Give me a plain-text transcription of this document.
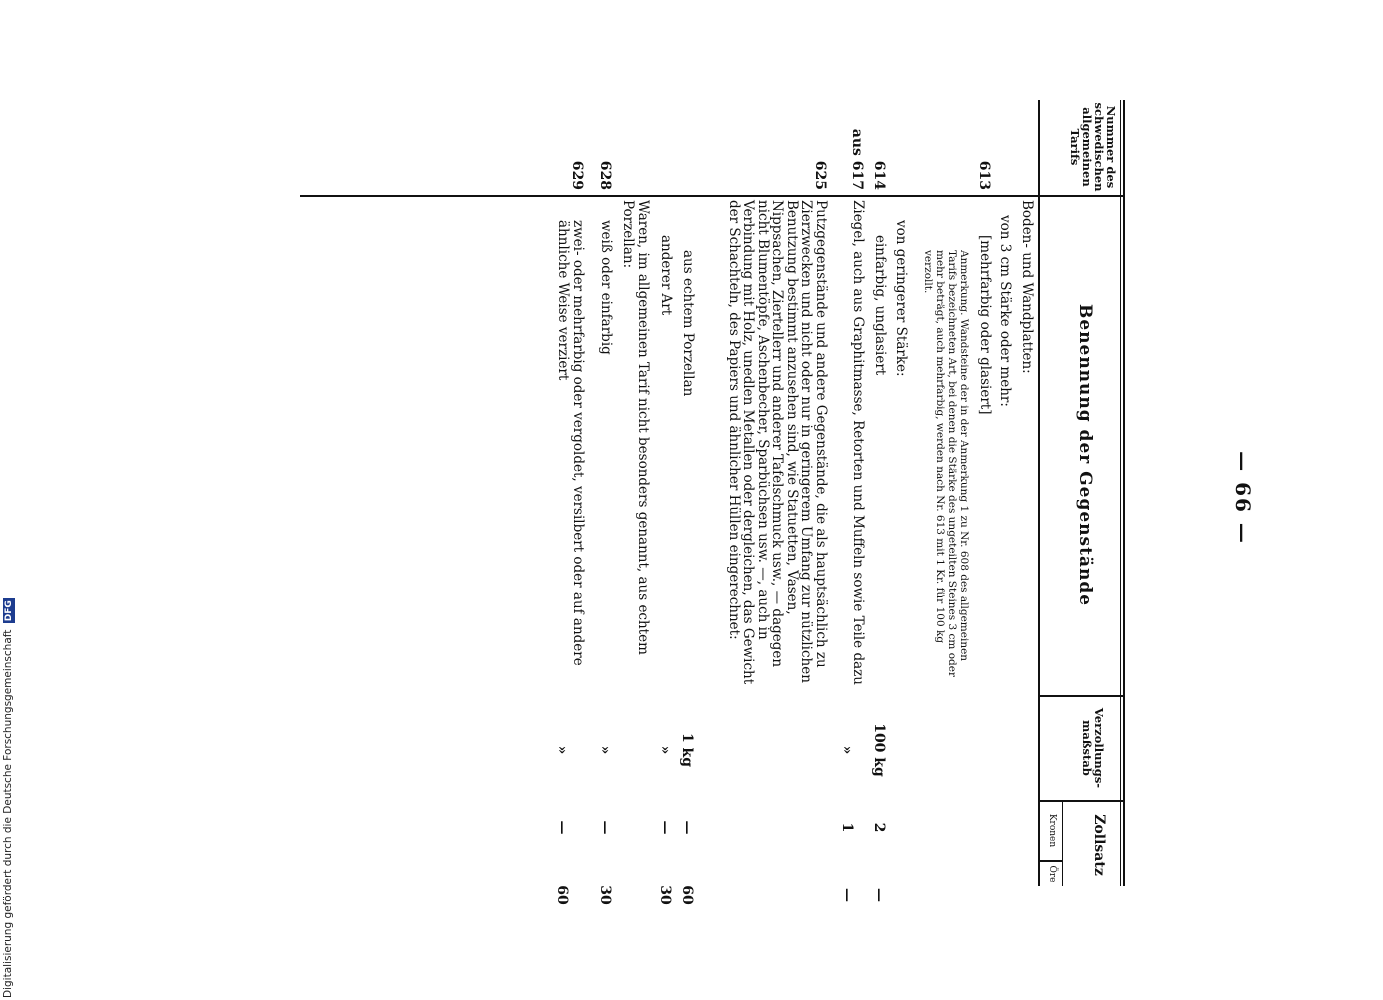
— 66 —
Nummer des schwedischen allgemeinen Tarifs
Benennung der Gegenstände
Verzollungs-maßstab
Zollsatz
Kronen
Öre
Boden- und Wandplatten:
von 3 cm Stärke oder mehr:
613
[mehrfarbig oder glasiert]
Anmerkung. Wandsteine der in der Anmerkung 1 zu Nr. 608 des allgemeinen Tarifs bezeichneten Art, bei denen die Stärke des ungeteilten Steines 3 cm oder mehr beträgt, auch mehrfarbig, werden nach Nr. 613 mit 1 Kr. für 100 kg verzollt.
von geringerer Stärke:
614
einfarbig, unglasiert
100 kg
2
—
aus 617
Ziegel, auch aus Graphitmasse, Retorten und Muffeln sowie Teile dazu
»
1
—
625
Putzgegenstände und andere Gegenstände, die als hauptsächlich zu Zierzwecken und nicht oder nur in geringerem Umfang zur nützlichen Benutzung bestimmt anzusehen sind, wie Statuetten, Vasen, Nippsachen, Ziertellerr und anderer Tafelschmuck usw., — dagegen nicht Blumentöpfe, Aschenbecher, Sparbüchsen usw. —, auch in Verbindung mit Holz, unedlen Metallen oder dergleichen, das Gewicht der Schachteln, des Papiers und ähnlicher Hüllen eingerechnet:
aus echtem Porzellan
1 kg
—
60
anderer Art
»
—
30
Waren, im allgemeinen Tarif nicht besonders genannt, aus echtem Porzellan:
628
weiß oder einfarbig
»
—
30
629
zwei- oder mehrfarbig oder vergoldet, versilbert oder auf andere ähnliche Weise verziert
»
—
60
Digitalisierung gefördert durch die Deutsche Forschungsgemeinschaft DFG
